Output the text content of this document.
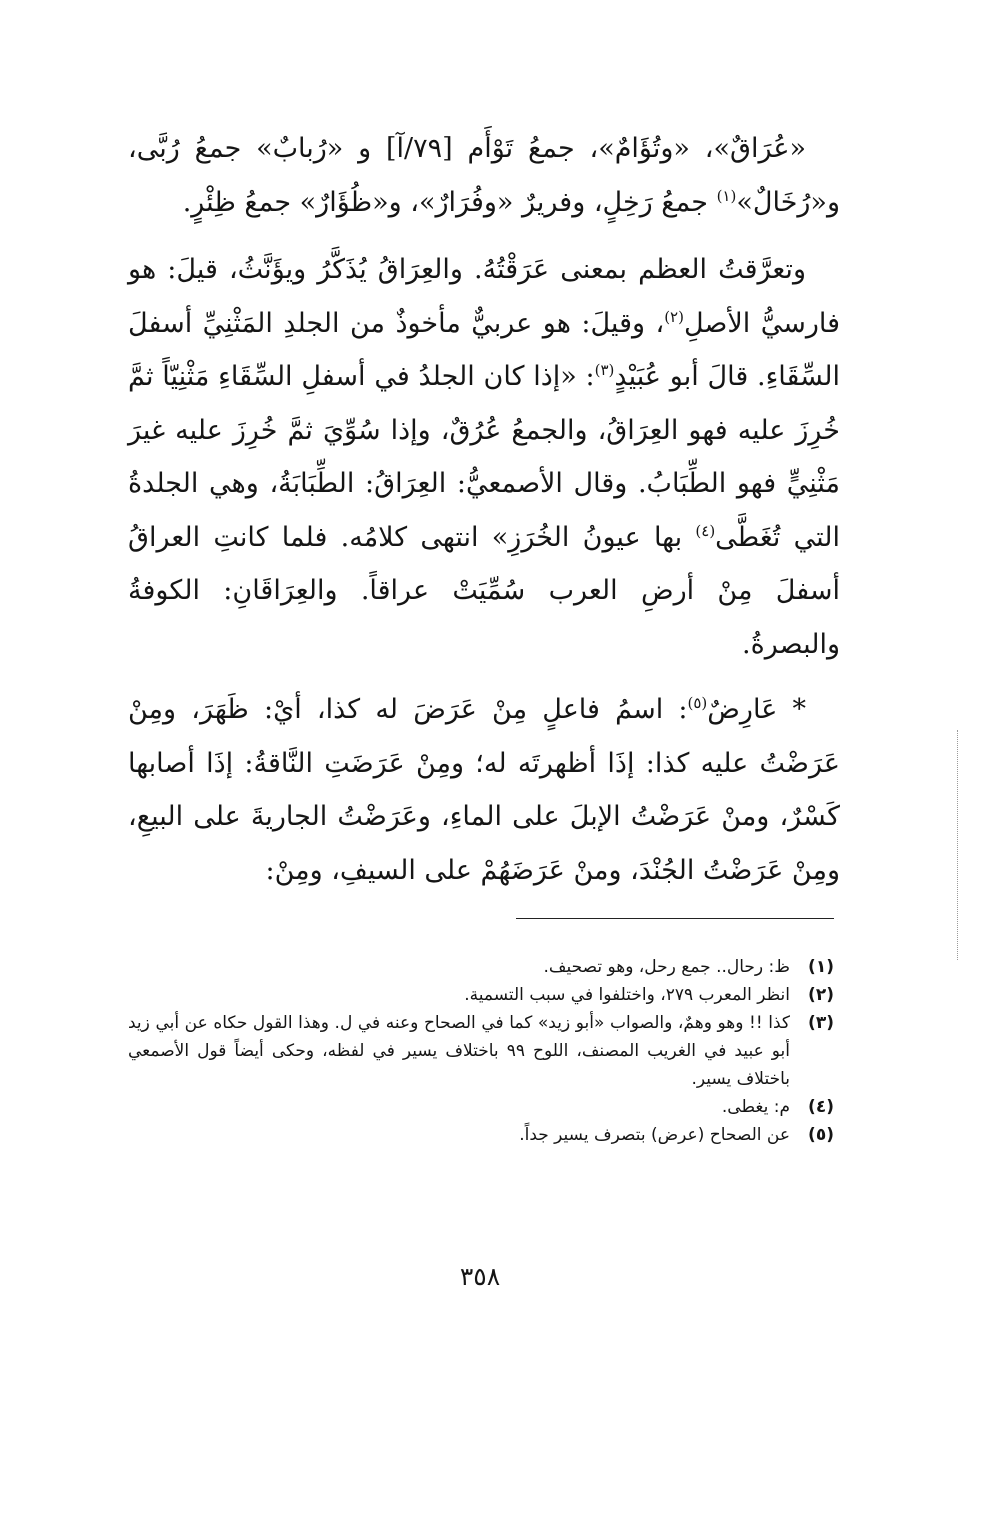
«عُرَاقٌ»، «وتُؤَامٌ»، جمعُ تَوْأَم [٧٩/آ] و «رُبابٌ» جمعُ رُبَّى، و«رُخَالٌ»$^{(١)}$ جمعُ رَخِلٍ، وفريرٌ «وفُرَارٌ»، و«ظُؤَارٌ» جمعُ ظِئْرٍ.

وتعرَّقتُ العظم بمعنى عَرَقْتُهُ. والعِرَاقُ يُذَكَّرُ ويؤَنَّثُ، قيلَ: هو فارسيُّ الأصلِ$^{(٢)}$، وقيلَ: هو عربيٌّ مأخوذٌ من الجلدِ المَثْنِيِّ أسفلَ السِّقَاءِ. قالَ أبو عُبَيْدٍ$^{(٣)}$: «إذا كان الجلدُ في أسفلِ السِّقَاءِ مَثْنِيّاً ثمَّ خُرِزَ عليه فهو العِرَاقُ، والجمعُ عُرُقٌ، وإذا سُوِّيَ ثمَّ خُرِزَ عليه غيرَ مَثْنِيٍّ فهو الطِّبَابُ. وقال الأصمعيُّ: العِرَاقُ: الطِّبَابَةُ، وهي الجلدةُ التي تُغَطَّى$^{(٤)}$ بها عيونُ الخُرَزِ» انتهى كلامُه. فلما كانتِ العراقُ أسفلَ مِنْ أرضِ العرب سُمِّيَتْ عراقاً. والعِرَاقَانِ: الكوفةُ والبصرةُ.

* عَارِضٌ$^{(٥)}$: اسمُ فاعلٍ مِنْ عَرَضَ له كذا، أيْ: ظَهَرَ، ومِنْ عَرَضْتُ عليه كذا: إذَا أظهرتَه له؛ ومِنْ عَرَضَتِ النَّاقةُ: إذَا أصابها كَسْرٌ، ومنْ عَرَضْتُ الإبلَ على الماءِ، وعَرَضْتُ الجاريةَ على البيعِ، ومِنْ عَرَضْتُ الجُنْدَ، ومنْ عَرَضَهُمْ على السيفِ، ومِنْ:

(١)
ظ: رحال.. جمع رحل، وهو تصحيف.
(٢)
انظر المعرب ٢٧٩، واختلفوا في سبب التسمية.
(٣)
كذا !! وهو وهمٌ، والصواب «أبو زيد» كما في الصحاح وعنه في ل. وهذا القول حكاه عن أبي زيد أبو عبيد في الغريب المصنف، اللوح ٩٩ باختلاف يسير في لفظه، وحكى أيضاً قول الأصمعي باختلاف يسير.
(٤)
م: يغطى.
(٥)
عن الصحاح (عرض) بتصرف يسير جداً.
٣٥٨
